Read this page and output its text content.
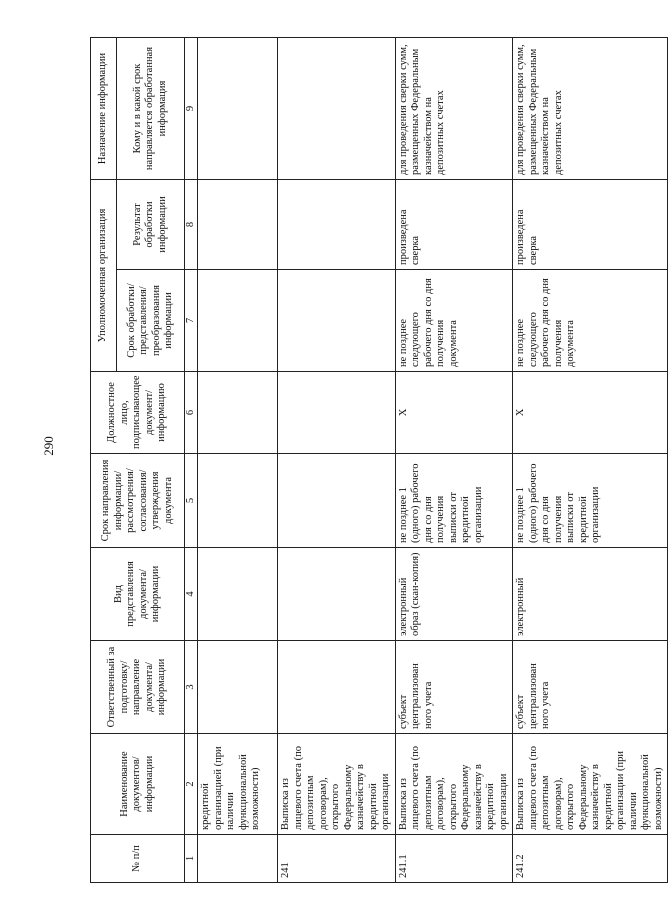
290
№ п/п	Наименование документов/ информации	Ответственный за подготовку/ направление документа/ информации	Вид представления документа/ информации	Срок направления информации/ рассмотрения/ согласования/ утверждения документа	Должностное лицо, подписывающее документ/ информацию	Уполномоченная организация		Назначение информации
						Срок обработки/ представления/ преобразования информации	Результат обработки информации	Кому и в какой срок направляется обработанная информация
1	2	3	4	5	6	7	8	9
	кредитной организацией (при наличии функциональной возможности)							
241	Выписка из лицевого счета (по депозитным договорам), открытого Федеральному казначейству в кредитной организации							
241.1	Выписка из лицевого счета (по депозитным договорам), открытого Федеральному казначейству в кредитной организации	субъект централизован ного учета	электронный образ (скан-копия)	не позднее 1 (одного) рабочего дня со дня получения выписки от кредитной организации	Х	не позднее следующего рабочего дня со дня получения документа	произведена сверка	для проведения сверки сумм, размещенных Федеральным казначейством на депозитных счетах
241.2	Выписка из лицевого счета (по депозитным договорам), открытого Федеральному казначейству в кредитной организации (при наличии функциональной возможности)	субъект централизован ного учета	электронный	не позднее 1 (одного) рабочего дня со дня получения выписки от кредитной организации	Х	не позднее следующего рабочего дня со дня получения документа	произведена сверка	для проведения сверки сумм, размещенных Федеральным казначейством на депозитных счетах
